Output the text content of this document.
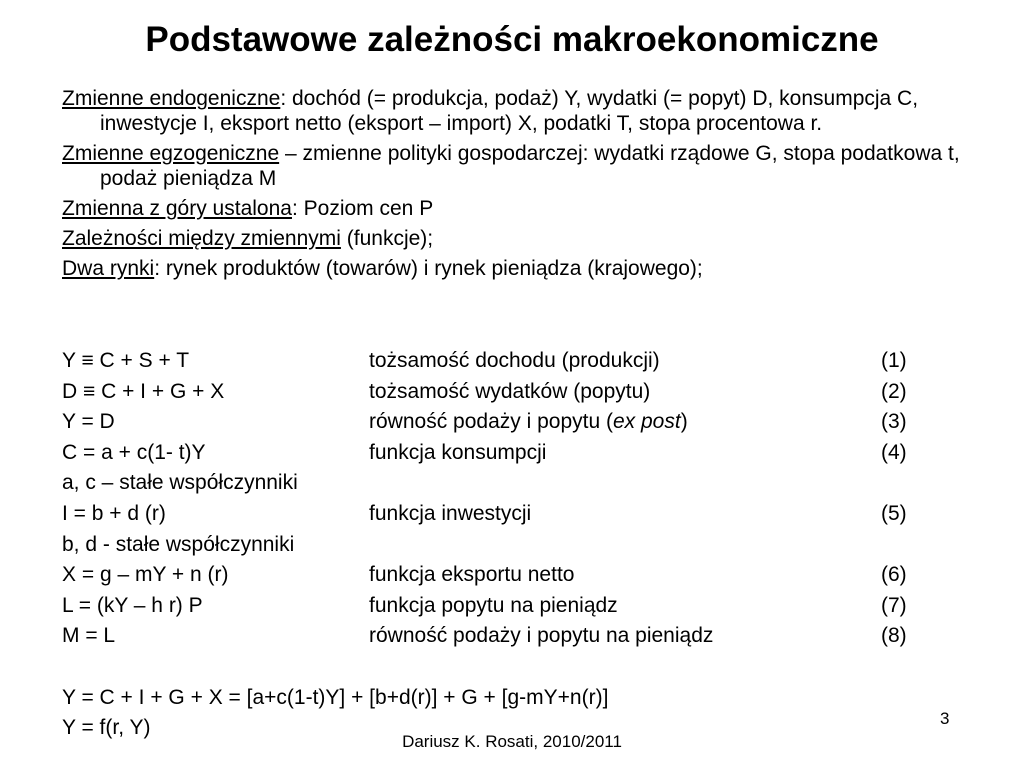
Podstawowe zależności makroekonomiczne
Zmienne endogeniczne: dochód (= produkcja, podaż) Y, wydatki (= popyt) D, konsumpcja C, inwestycje I, eksport netto (eksport – import) X, podatki T, stopa procentowa r.
Zmienne egzogeniczne – zmienne polityki gospodarczej: wydatki rządowe G, stopa podatkowa t, podaż pieniądza M
Zmienna z góry ustalona: Poziom cen P
Zależności między zmiennymi (funkcje);
Dwa rynki: rynek produktów (towarów) i rynek pieniądza (krajowego);
Y ≡ C + S + T	tożsamość dochodu (produkcji)	(1)
D ≡ C + I + G + X	tożsamość wydatków (popytu)	(2)
Y = D	równość podaży i popytu (ex post)	(3)
C = a + c(1- t)Y	funkcja konsumpcji	(4)
a, c – stałe współczynniki
I = b + d (r)	funkcja inwestycji	(5)
b, d - stałe współczynniki
X = g – mY + n (r)	funkcja eksportu netto	(6)
L = (kY – h r) P	funkcja popytu na pieniądz	(7)
M = L	równość podaży i popytu na pieniądz	(8)
Y = C + I + G + X = [a+c(1-t)Y] + [b+d(r)] + G + [g-mY+n(r)]
Y = f(r, Y)	3
Dariusz K. Rosati, 2010/2011
